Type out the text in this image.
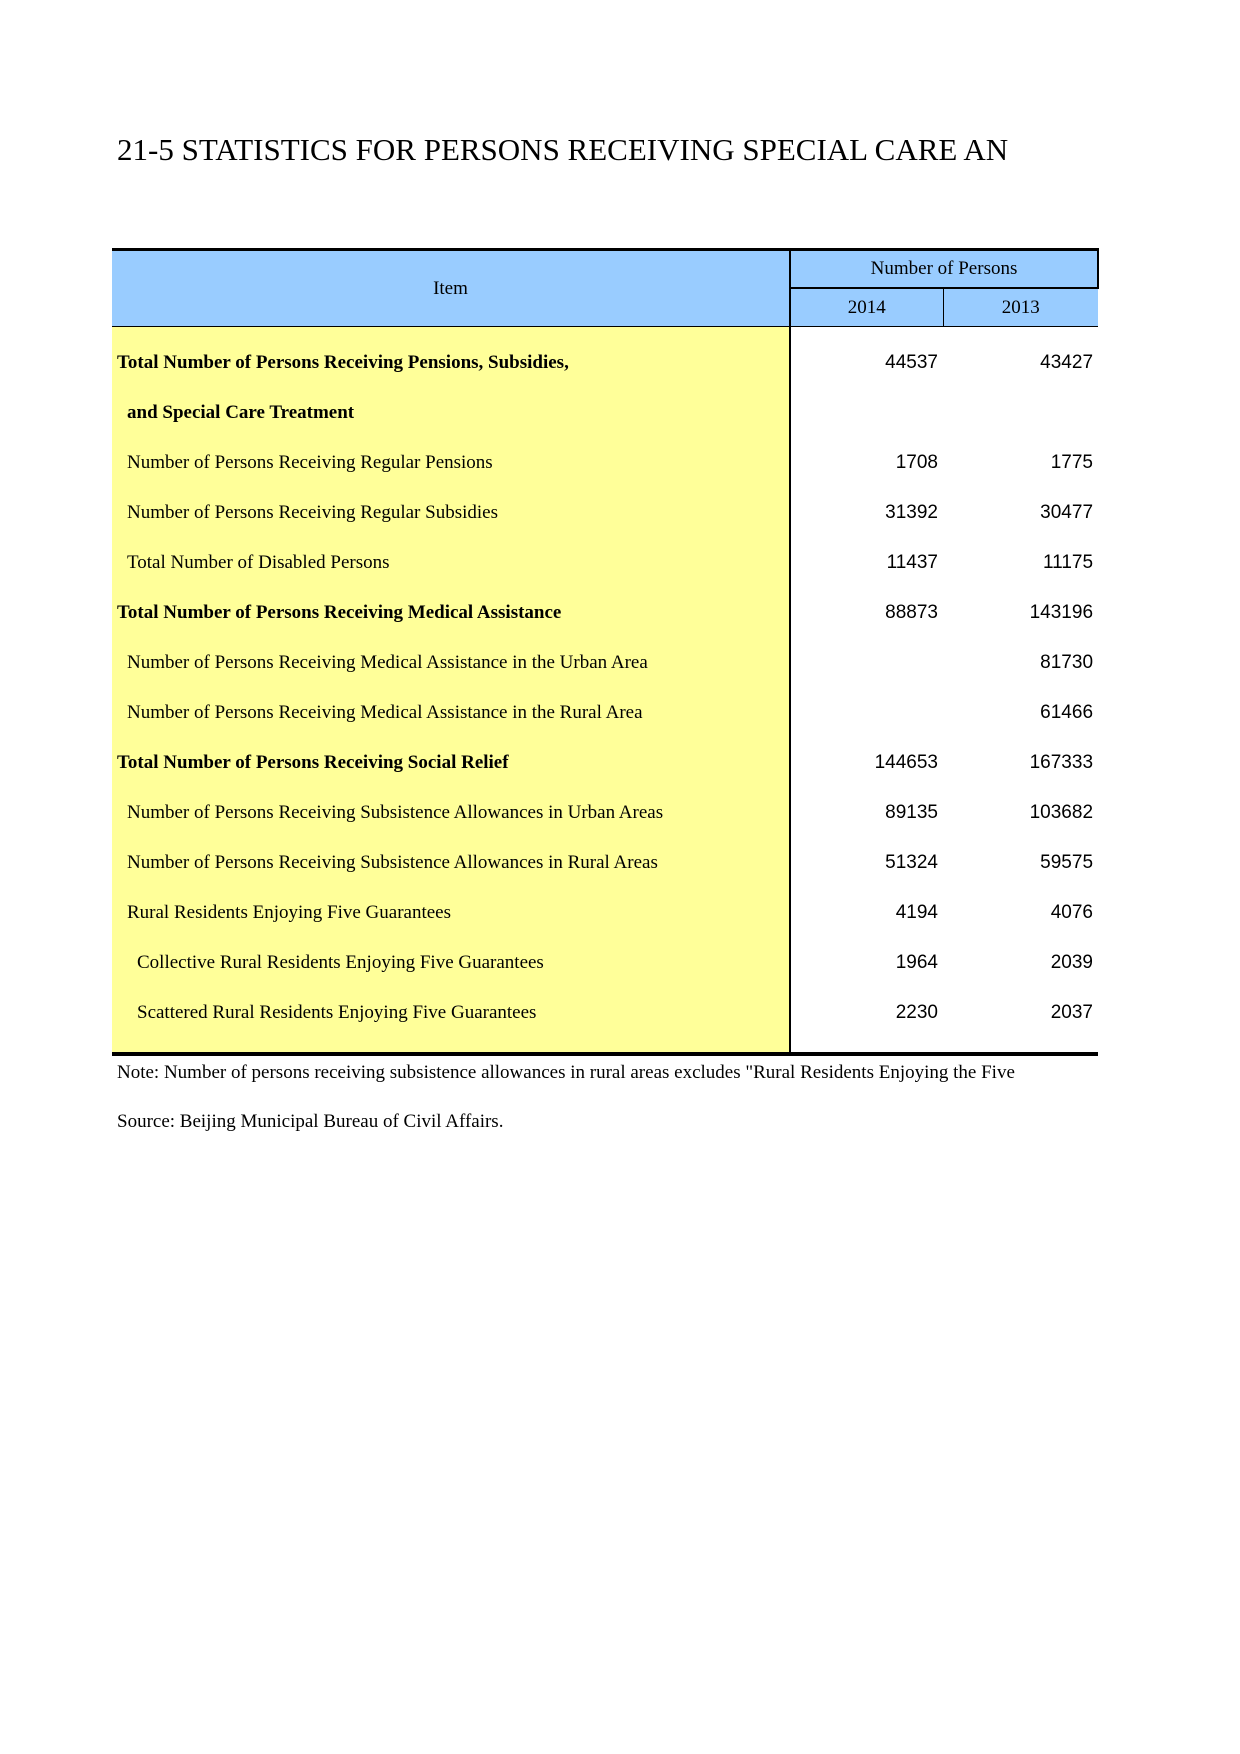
21-5 STATISTICS FOR PERSONS RECEIVING SPECIAL CARE AN
Item	Number of Persons	
	2014	2013

Total Number of Persons Receiving Pensions, Subsidies,	44537	43427
and Special Care Treatment		
Number of Persons Receiving Regular Pensions	1708	1775
Number of Persons Receiving Regular Subsidies	31392	30477
Total Number of Disabled Persons	11437	11175
Total Number of Persons Receiving Medical Assistance	88873	143196
Number of Persons Receiving Medical Assistance in the Urban Area		81730
Number of Persons Receiving Medical Assistance in the Rural Area		61466
Total Number of Persons Receiving Social Relief	144653	167333
Number of Persons Receiving Subsistence Allowances in Urban Areas	89135	103682
Number of Persons Receiving Subsistence Allowances in Rural Areas	51324	59575
Rural Residents Enjoying Five Guarantees	4194	4076
Collective Rural Residents Enjoying Five Guarantees	1964	2039
Scattered Rural Residents Enjoying Five Guarantees	2230	2037

Note: Number of persons receiving subsistence allowances in rural areas excludes "Rural Residents Enjoying the Five
Source: Beijing Municipal Bureau of Civil Affairs.
